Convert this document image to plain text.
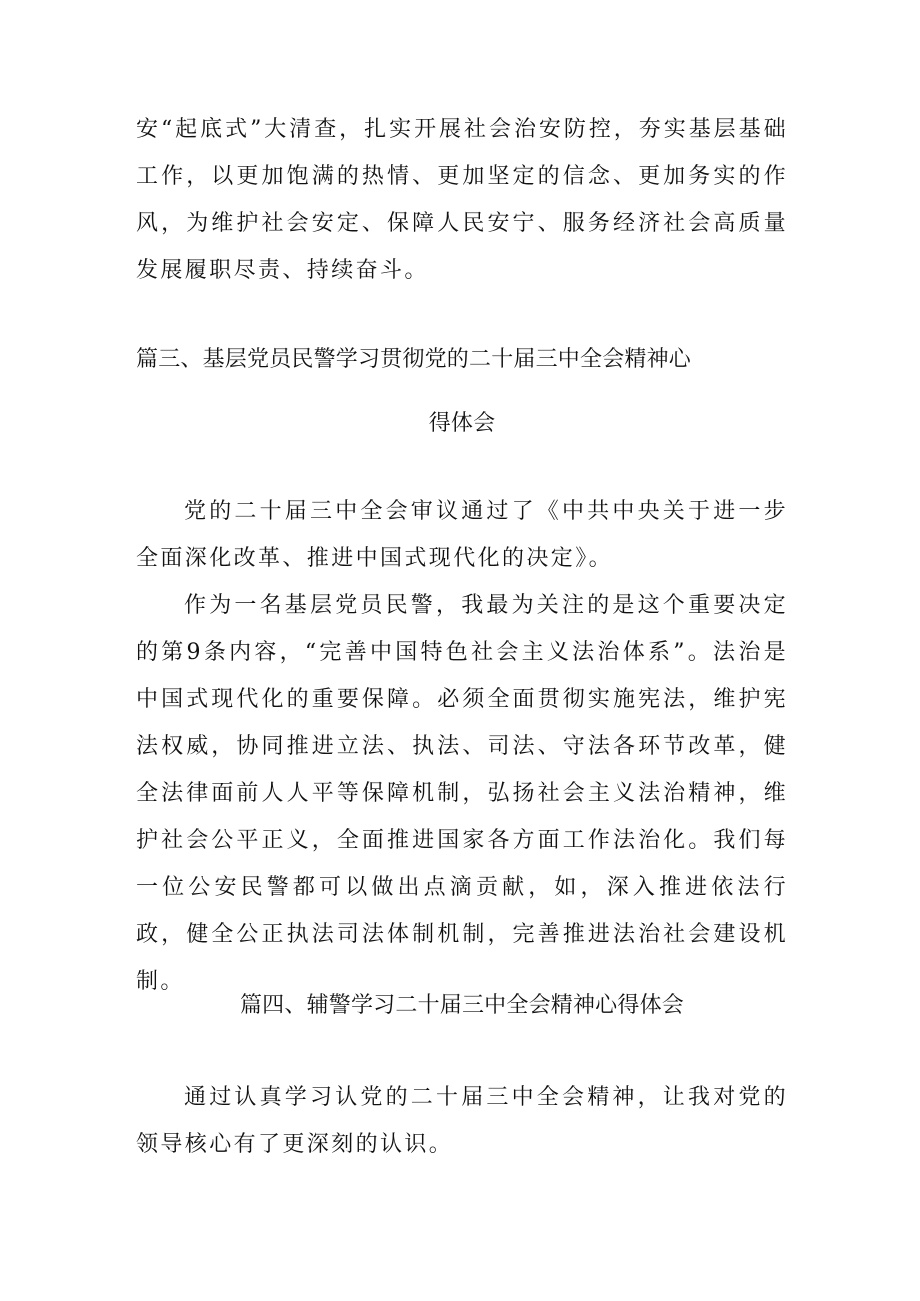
安“起底式”大清查，扎实开展社会治安防控，夯实基层基础工作，以更加饱满的热情、更加坚定的信念、更加务实的作风，为维护社会安定、保障人民安宁、服务经济社会高质量发展履职尽责、持续奋斗。

篇三、基层党员民警学习贯彻党的二十届三中全会精神心
得体会

党的二十届三中全会审议通过了《中共中央关于进一步全面深化改革、推进中国式现代化的决定》。

作为一名基层党员民警，我最为关注的是这个重要决定的第9条内容，“完善中国特色社会主义法治体系”。法治是中国式现代化的重要保障。必须全面贯彻实施宪法，维护宪法权威，协同推进立法、执法、司法、守法各环节改革，健全法律面前人人平等保障机制，弘扬社会主义法治精神，维护社会公平正义，全面推进国家各方面工作法治化。我们每一位公安民警都可以做出点滴贡献，如，深入推进依法行政，健全公正执法司法体制机制，完善推进法治社会建设机制。

篇四、辅警学习二十届三中全会精神心得体会

通过认真学习认党的二十届三中全会精神，让我对党的领导核心有了更深刻的认识。
